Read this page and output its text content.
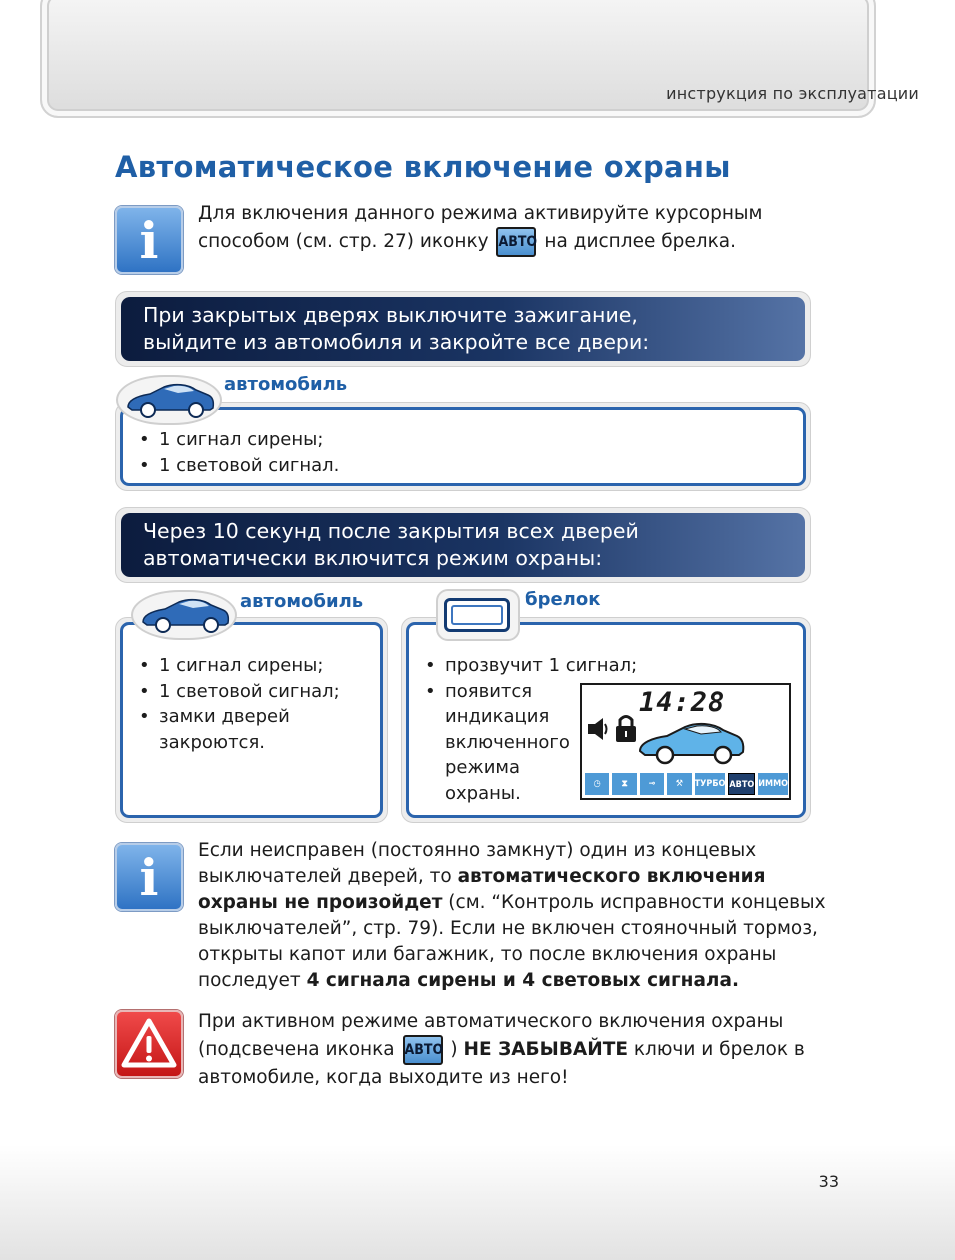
инструкция по эксплуатации
Автоматическое включение охраны
i	Для включения данного режима активируйте курсорным
способом (см. стр. 27) иконку АВТО на дисплее брелка.
При закрытых дверях выключите зажигание,
выйдите из автомобиля и закройте все двери:
• 1 сигнал сирены;
• 1 световой сигнал.
автомобиль
Через 10 секунд после закрытия всех дверей
автоматически включится режим охраны:
• 1 сигнал сирены;
• 1 световой сигнал;
• замки дверей
закроются.
автомобиль
• прозвучит 1 сигнал;
• появится
индикация
включенного
режима
охраны.
брелок
14:28
◷	⧗	⊸	⚒	ТУРБО АВТО ИММО
i	Если неисправен (постоянно замкнут) один из концевых
выключателей дверей, то автоматического включения
охраны не произойдет (см. “Контроль исправности концевых
выключателей”, стр. 79). Если не включен стояночный тормоз,
открыты капот или багажник, то после включения охраны
последует 4 сигнала сирены и 4 световых сигнала.
При активном режиме автоматического включения охраны
(подсвечена иконка АВТО ) НЕ ЗАБЫВАЙТЕ ключи и брелок в
автомобиле, когда выходите из него!
33
